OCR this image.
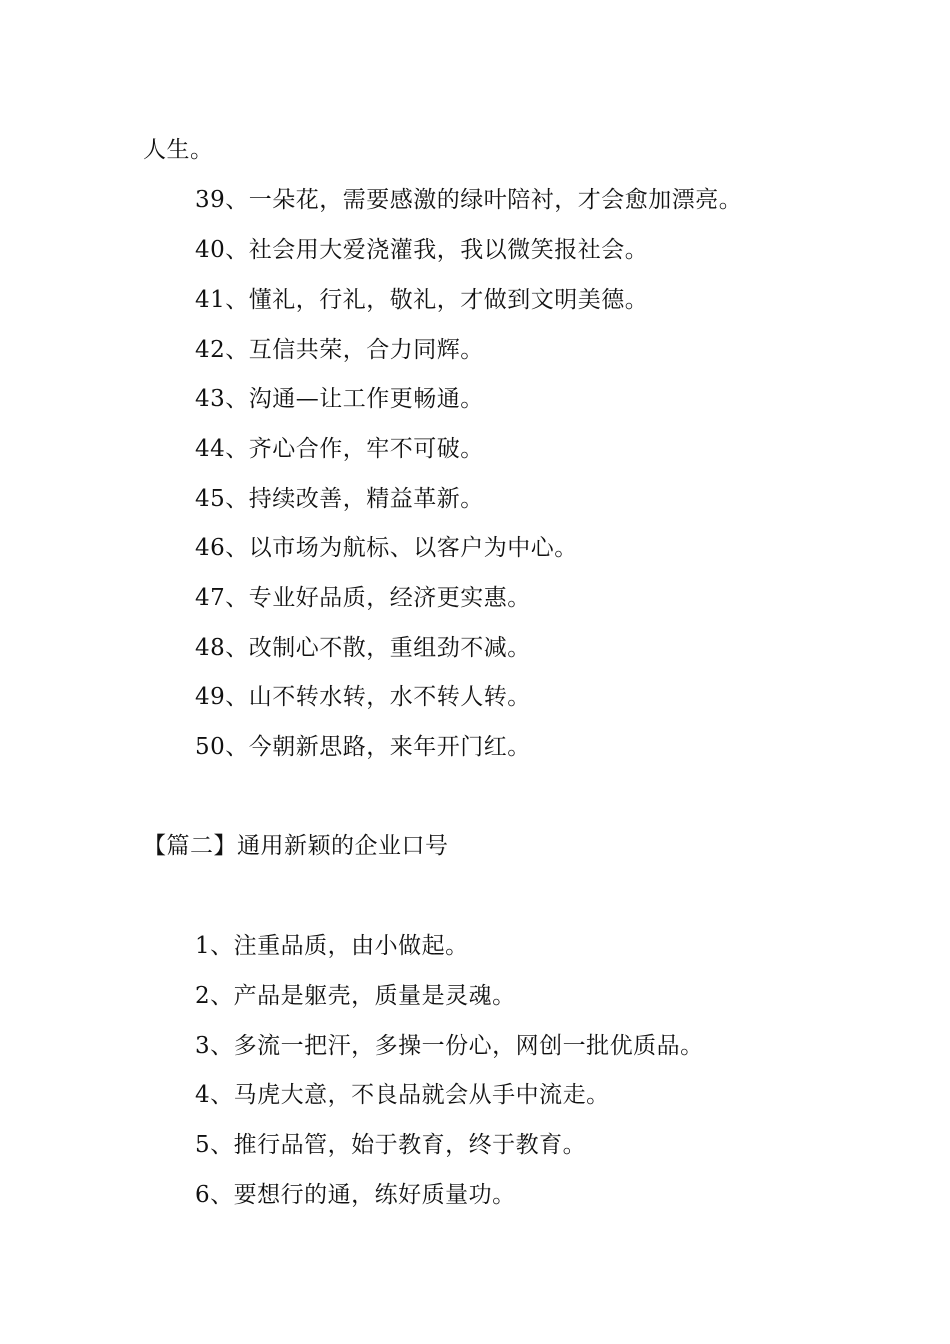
人生。
39、一朵花，需要感激的绿叶陪衬，才会愈加漂亮。
40、社会用大爱浇灌我，我以微笑报社会。
41、懂礼，行礼，敬礼，才做到文明美德。
42、互信共荣，合力同辉。
43、沟通—让工作更畅通。
44、齐心合作，牢不可破。
45、持续改善，精益革新。
46、以市场为航标、以客户为中心。
47、专业好品质，经济更实惠。
48、改制心不散，重组劲不减。
49、山不转水转，水不转人转。
50、今朝新思路，来年开门红。
【篇二】通用新颖的企业口号
1、注重品质，由小做起。
2、产品是躯壳，质量是灵魂。
3、多流一把汗，多操一份心，网创一批优质品。
4、马虎大意，不良品就会从手中流走。
5、推行品管，始于教育，终于教育。
6、要想行的通，练好质量功。
